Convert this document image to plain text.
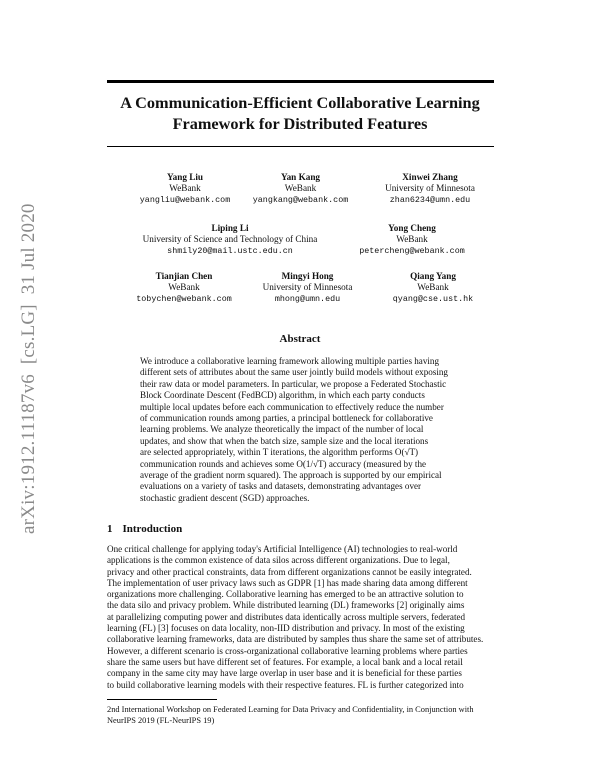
arXiv:1912.11187v6  [cs.LG]  31 Jul 2020
A Communication-Efficient Collaborative Learning
Framework for Distributed Features
Yang Liu
WeBank
yangliu@webank.com
Yan Kang
WeBank
yangkang@webank.com
Xinwei Zhang
University of Minnesota
zhan6234@umn.edu
Liping Li
University of Science and Technology of China
shmily20@mail.ustc.edu.cn
Yong Cheng
WeBank
petercheng@webank.com
Tianjian Chen
WeBank
tobychen@webank.com
Mingyi Hong
University of Minnesota
mhong@umn.edu
Qiang Yang
WeBank
qyang@cse.ust.hk
Abstract

We introduce a collaborative learning framework allowing multiple parties having
different sets of attributes about the same user jointly build models without exposing
their raw data or model parameters. In particular, we propose a Federated Stochastic
Block Coordinate Descent (FedBCD) algorithm, in which each party conducts
multiple local updates before each communication to effectively reduce the number
of communication rounds among parties, a principal bottleneck for collaborative
learning problems. We analyze theoretically the impact of the number of local
updates, and show that when the batch size, sample size and the local iterations
are selected appropriately, within T iterations, the algorithm performs O(√T)
communication rounds and achieves some O(1/√T) accuracy (measured by the
average of the gradient norm squared). The approach is supported by our empirical
evaluations on a variety of tasks and datasets, demonstrating advantages over
stochastic gradient descent (SGD) approaches.

1 Introduction

One critical challenge for applying today's Artificial Intelligence (AI) technologies to real-world
applications is the common existence of data silos across different organizations. Due to legal,
privacy and other practical constraints, data from different organizations cannot be easily integrated.
The implementation of user privacy laws such as GDPR [1] has made sharing data among different
organizations more challenging. Collaborative learning has emerged to be an attractive solution to
the data silo and privacy problem. While distributed learning (DL) frameworks [2] originally aims
at parallelizing computing power and distributes data identically across multiple servers, federated
learning (FL) [3] focuses on data locality, non-IID distribution and privacy. In most of the existing
collaborative learning frameworks, data are distributed by samples thus share the same set of attributes.
However, a different scenario is cross-organizational collaborative learning problems where parties
share the same users but have different set of features. For example, a local bank and a local retail
company in the same city may have large overlap in user base and it is beneficial for these parties
to build collaborative learning models with their respective features. FL is further categorized into

2nd International Workshop on Federated Learning for Data Privacy and Confidentiality, in Conjunction with
NeurIPS 2019 (FL-NeurIPS 19)
